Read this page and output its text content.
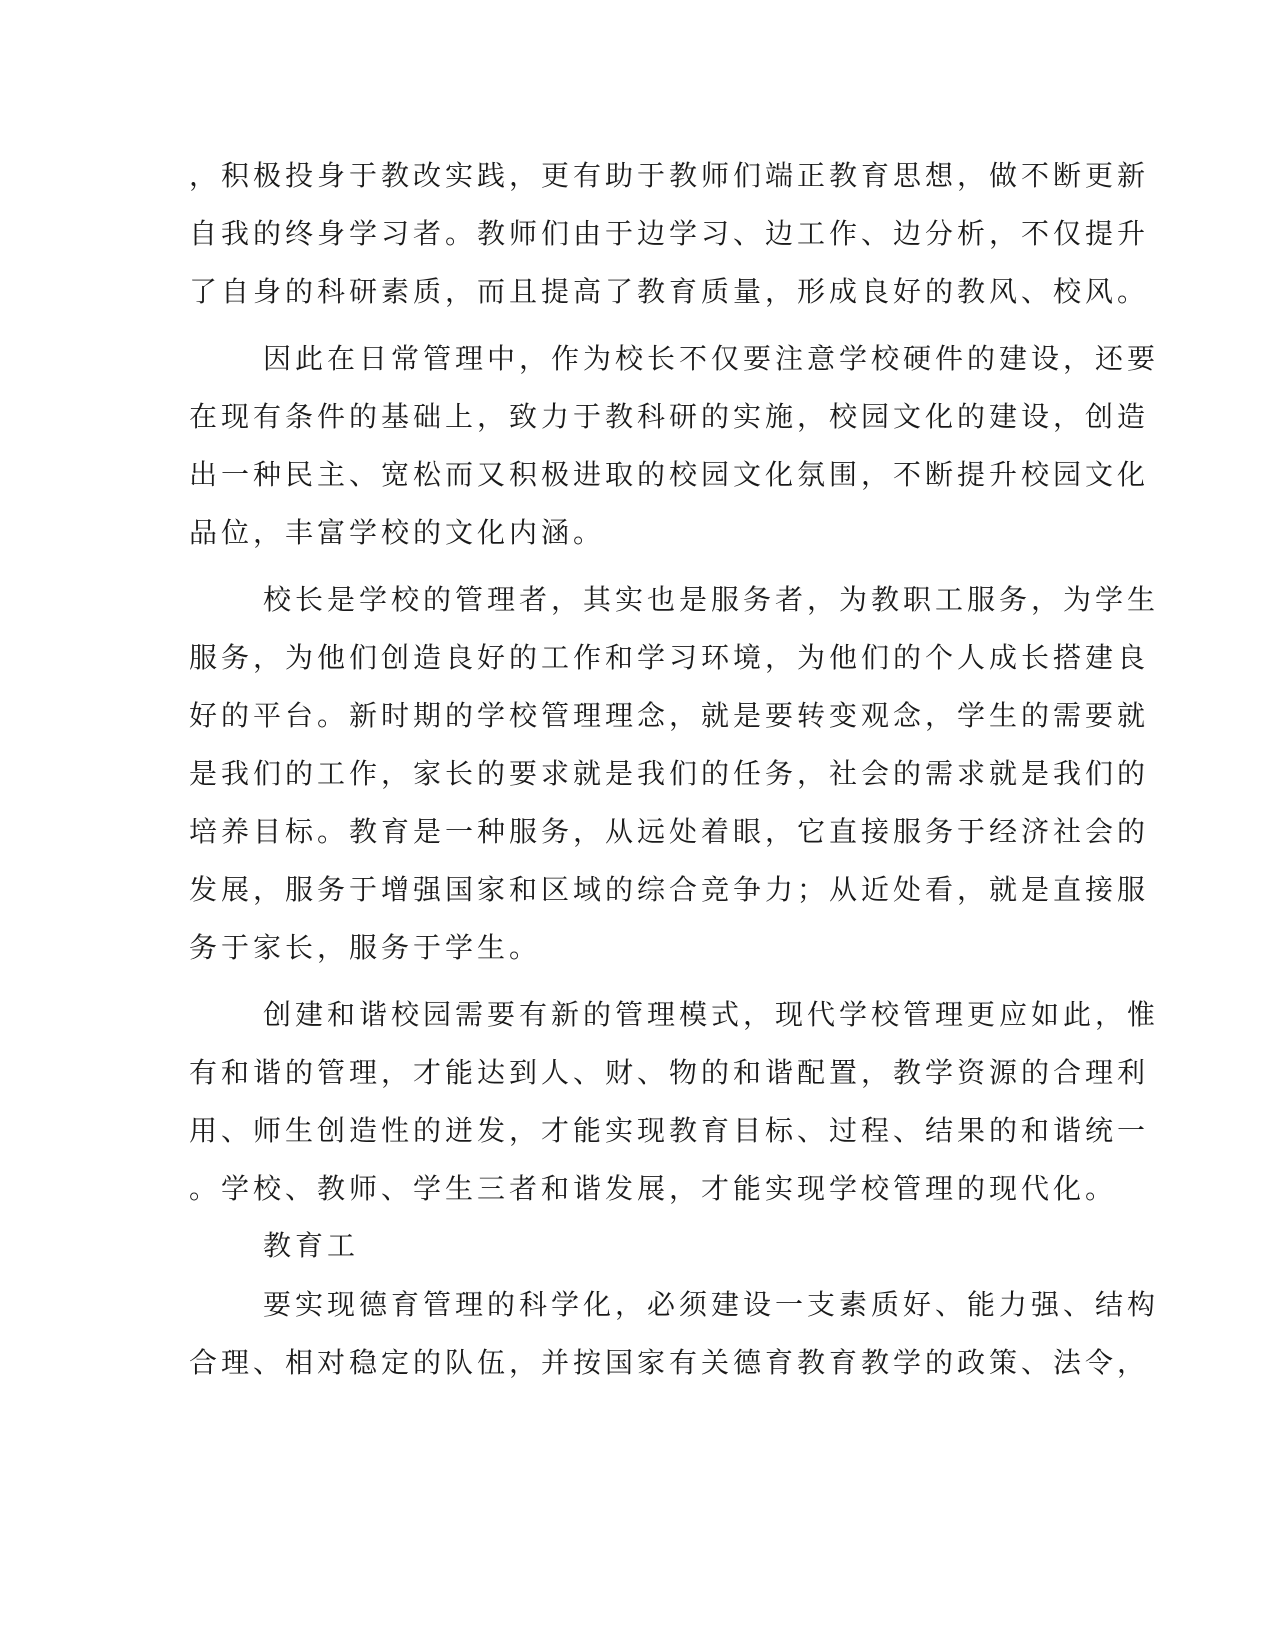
，积极投身于教改实践，更有助于教师们端正教育思想，做不断更新
自我的终身学习者。教师们由于边学习、边工作、边分析，不仅提升
了自身的科研素质，而且提高了教育质量，形成良好的教风、校风。
因此在日常管理中，作为校长不仅要注意学校硬件的建设，还要
在现有条件的基础上，致力于教科研的实施，校园文化的建设，创造
出一种民主、宽松而又积极进取的校园文化氛围，不断提升校园文化
品位，丰富学校的文化内涵。
校长是学校的管理者，其实也是服务者，为教职工服务，为学生
服务，为他们创造良好的工作和学习环境，为他们的个人成长搭建良
好的平台。新时期的学校管理理念，就是要转变观念，学生的需要就
是我们的工作，家长的要求就是我们的任务，社会的需求就是我们的
培养目标。教育是一种服务，从远处着眼，它直接服务于经济社会的
发展，服务于增强国家和区域的综合竞争力；从近处看，就是直接服
务于家长，服务于学生。
创建和谐校园需要有新的管理模式，现代学校管理更应如此，惟
有和谐的管理，才能达到人、财、物的和谐配置，教学资源的合理利
用、师生创造性的迸发，才能实现教育目标、过程、结果的和谐统一
。学校、教师、学生三者和谐发展，才能实现学校管理的现代化。
教育工
要实现德育管理的科学化，必须建设一支素质好、能力强、结构
合理、相对稳定的队伍，并按国家有关德育教育教学的政策、法令，
